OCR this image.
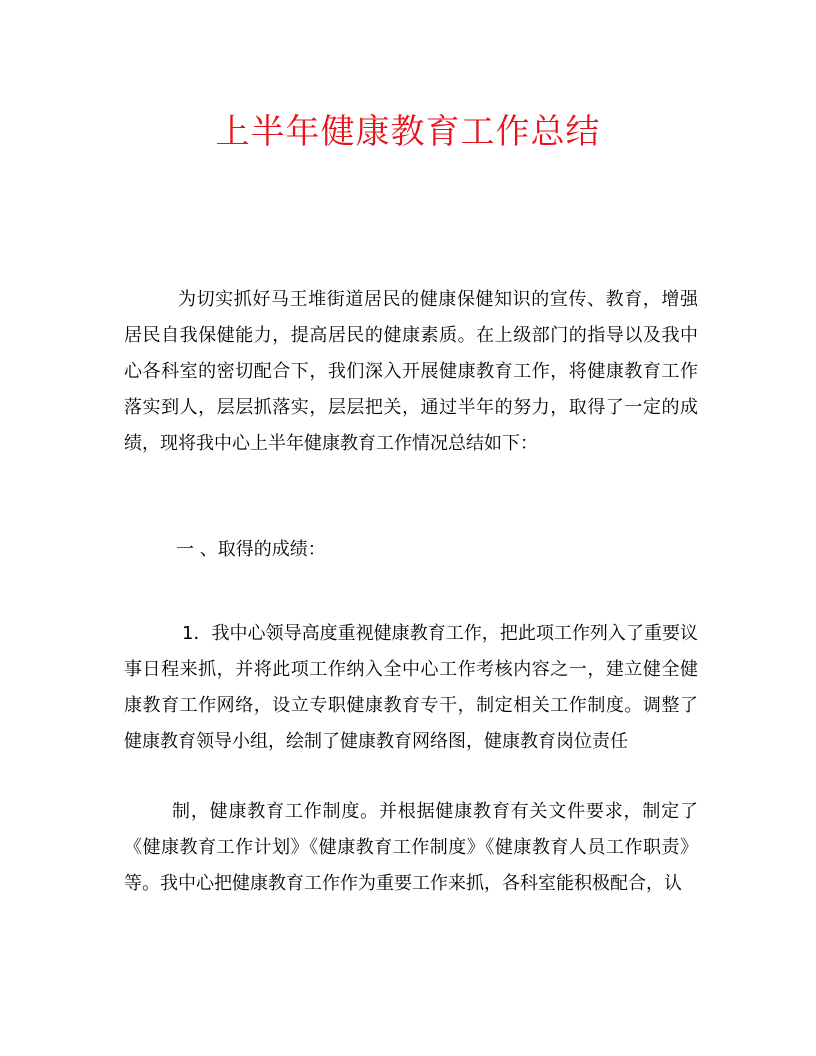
上半年健康教育工作总结

为切实抓好马王堆街道居民的健康保健知识的宣传、教育，增强居民自我保健能力，提高居民的健康素质。在上级部门的指导以及我中心各科室的密切配合下，我们深入开展健康教育工作，将健康教育工作落实到人，层层抓落实，层层把关，通过半年的努力，取得了一定的成绩，现将我中心上半年健康教育工作情况总结如下：

一 、取得的成绩：

1．我中心领导高度重视健康教育工作，把此项工作列入了重要议事日程来抓，并将此项工作纳入全中心工作考核内容之一，建立健全健康教育工作网络，设立专职健康教育专干，制定相关工作制度。调整了健康教育领导小组，绘制了健康教育网络图，健康教育岗位责任

制，健康教育工作制度。并根据健康教育有关文件要求，制定了《健康教育工作计划》《健康教育工作制度》《健康教育人员工作职责》等。我中心把健康教育工作作为重要工作来抓，各科室能积极配合，认
